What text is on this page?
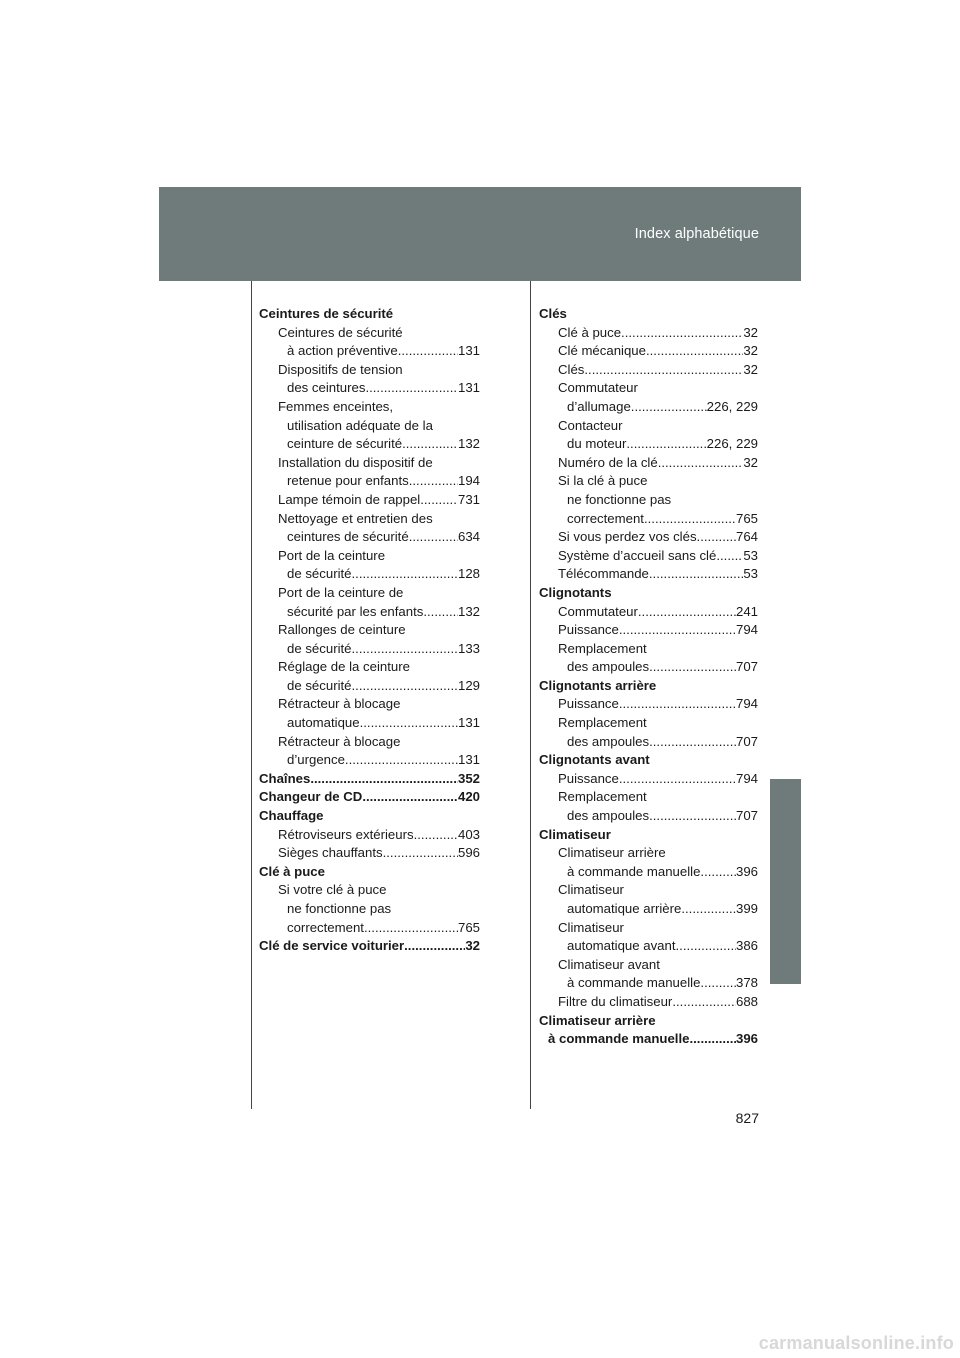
Index alphabétique
Ceintures de sécurité
Ceintures de sécurité
à action préventive .....	131
Dispositifs de tension
des ceintures .....	131
Femmes enceintes,
utilisation adéquate de la
ceinture de sécurité .....	132
Installation du dispositif de
retenue pour enfants .....	194
Lampe témoin de rappel .....	731
Nettoyage et entretien des
ceintures de sécurité .....	634
Port de la ceinture
de sécurité .....	128
Port de la ceinture de
sécurité par les enfants .....	132
Rallonges de ceinture
de sécurité .....	133
Réglage de la ceinture
de sécurité .....	129
Rétracteur à blocage
automatique .....	131
Rétracteur à blocage
d’urgence .....	131
Chaînes .....	352
Changeur de CD .....	420
Chauffage
Rétroviseurs extérieurs .....	403
Sièges chauffants .....	596
Clé à puce
Si votre clé à puce
ne fonctionne pas
correctement .....	765
Clé de service voiturier .....	32
Clés
Clé à puce .....	32
Clé mécanique .....	32
Clés .....	32
Commutateur
d’allumage .....	226, 229
Contacteur
du moteur .....	226, 229
Numéro de la clé .....	32
Si la clé à puce
ne fonctionne pas
correctement .....	765
Si vous perdez vos clés .....	764
Système d’accueil sans clé ..... 53
Télécommande .....	53
Clignotants
Commutateur .....	241
Puissance .....	794
Remplacement
des ampoules .....	707
Clignotants arrière
Puissance .....	794
Remplacement
des ampoules .....	707
Clignotants avant
Puissance .....	794
Remplacement
des ampoules .....	707
Climatiseur
Climatiseur arrière
à commande manuelle .....	396
Climatiseur
automatique arrière .....	399
Climatiseur
automatique avant .....	386
Climatiseur avant
à commande manuelle .....	378
Filtre du climatiseur .....	688
Climatiseur arrière
à commande manuelle .....	396
827
carmanualsonline.info
